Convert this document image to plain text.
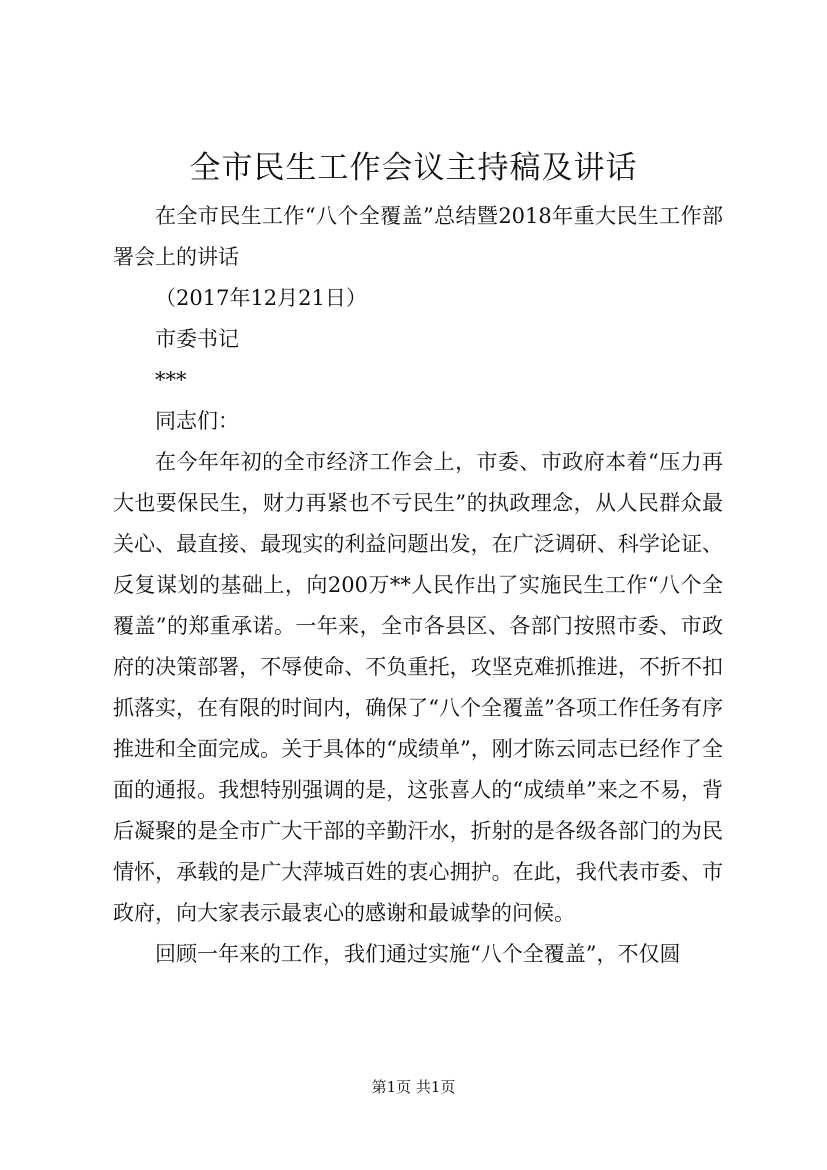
全市民生工作会议主持稿及讲话

在全市民生工作“八个全覆盖”总结暨2018年重大民生工作部署会上的讲话

（2017年12月21日）

市委书记

***

同志们：

在今年年初的全市经济工作会上，市委、市政府本着“压力再大也要保民生，财力再紧也不亏民生”的执政理念，从人民群众最关心、最直接、最现实的利益问题出发，在广泛调研、科学论证、反复谋划的基础上，向200万**人民作出了实施民生工作“八个全覆盖”的郑重承诺。一年来，全市各县区、各部门按照市委、市政府的决策部署，不辱使命、不负重托，攻坚克难抓推进，不折不扣抓落实，在有限的时间内，确保了“八个全覆盖”各项工作任务有序推进和全面完成。关于具体的“成绩单”，刚才陈云同志已经作了全面的通报。我想特别强调的是，这张喜人的“成绩单”来之不易，背后凝聚的是全市广大干部的辛勤汗水，折射的是各级各部门的为民情怀，承载的是广大萍城百姓的衷心拥护。在此，我代表市委、市政府，向大家表示最衷心的感谢和最诚挚的问候。

回顾一年来的工作，我们通过实施“八个全覆盖”，不仅圆

第1页 共1页
